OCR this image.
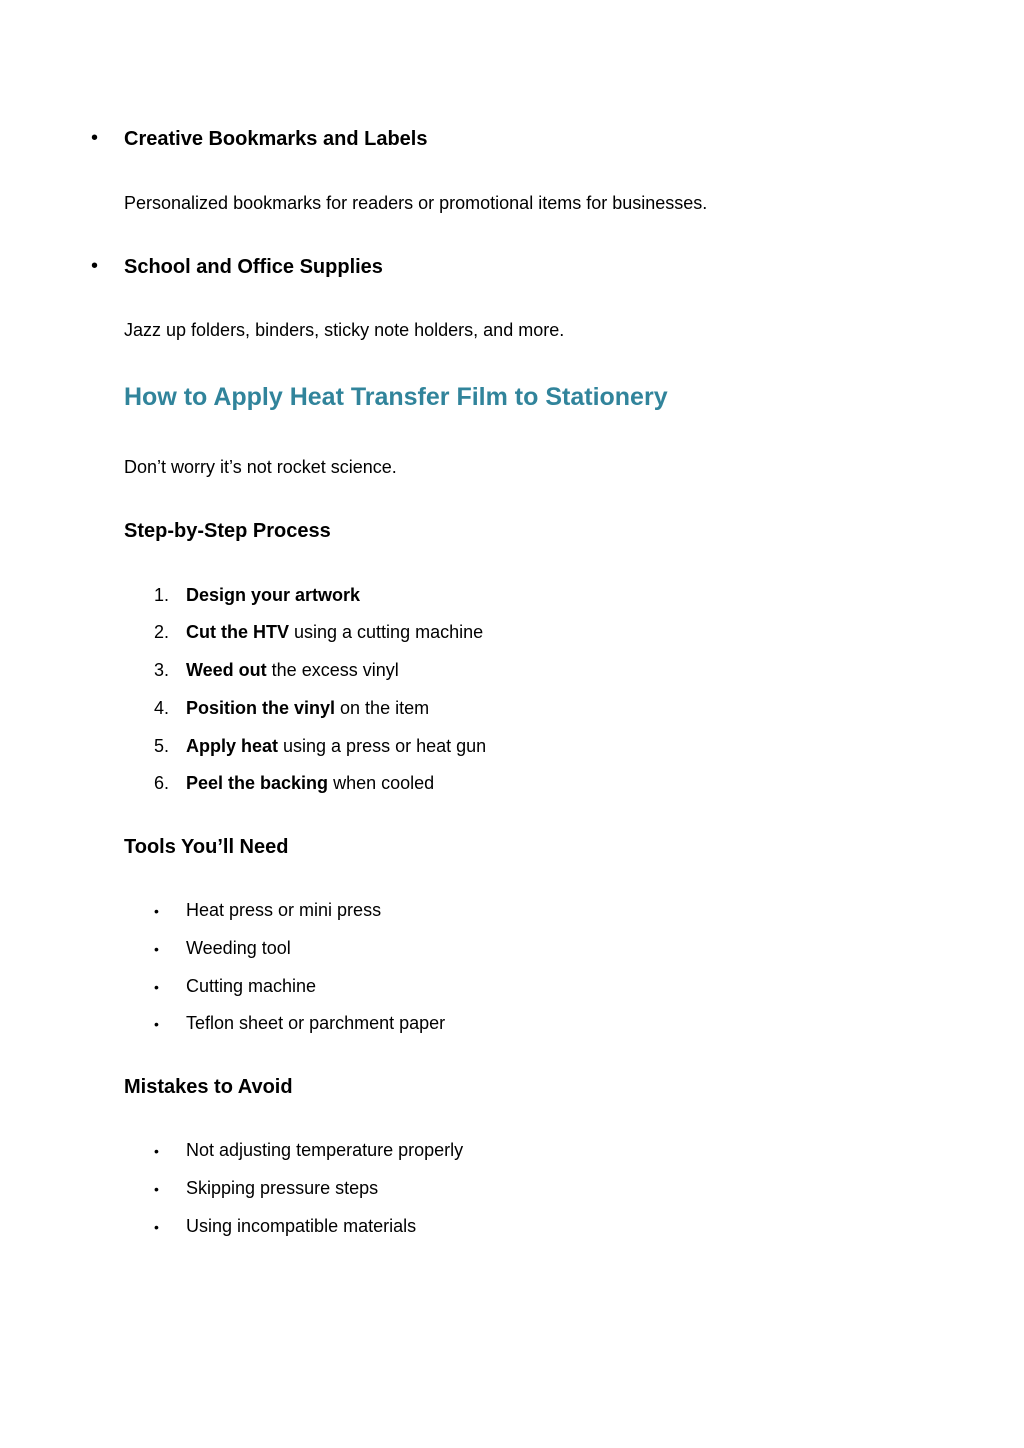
• Creative Bookmarks and Labels
Personalized bookmarks for readers or promotional items for businesses.
• School and Office Supplies
Jazz up folders, binders, sticky note holders, and more.
How to Apply Heat Transfer Film to Stationery
Don’t worry it’s not rocket science.
Step-by-Step Process
1. Design your artwork
2. Cut the HTV using a cutting machine
3. Weed out the excess vinyl
4. Position the vinyl on the item
5. Apply heat using a press or heat gun
6. Peel the backing when cooled
Tools You’ll Need
• Heat press or mini press
• Weeding tool
• Cutting machine
• Teflon sheet or parchment paper
Mistakes to Avoid
• Not adjusting temperature properly
• Skipping pressure steps
• Using incompatible materials
